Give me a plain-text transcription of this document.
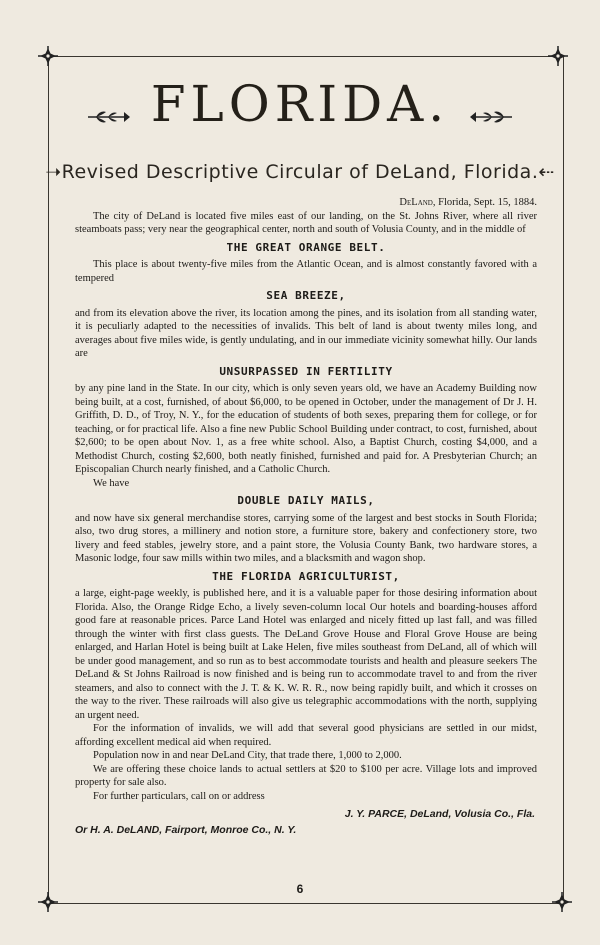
FLORIDA.
➝Revised Descriptive Circular of DeLand, Florida.⇠

DeLand, Florida, Sept. 15, 1884.

The city of DeLand is located five miles east of our landing, on the St. Johns River, where all river steamboats pass; very near the geographical center, north and south of Volusia County, and in the middle of

THE GREAT ORANGE BELT.

This place is about twenty-five miles from the Atlantic Ocean, and is almost constantly favored with a tempered

SEA BREEZE,

and from its elevation above the river, its location among the pines, and its isolation from all standing water, it is peculiarly adapted to the necessities of invalids. This belt of land is about twenty miles long, and averages about five miles wide, is gently undulating, and in our immediate vicinity somewhat hilly. Our lands are

UNSURPASSED IN FERTILITY

by any pine land in the State. In our city, which is only seven years old, we have an Academy Building now being built, at a cost, furnished, of about $6,000, to be opened in October, under the management of Dr J. H. Griffith, D. D., of Troy, N. Y., for the education of students of both sexes, preparing them for college, or for teaching, or for practical life. Also a fine new Public School Building under contract, to cost, furnished, about $2,600; to be open about Nov. 1, as a free white school. Also, a Baptist Church, costing $4,000, and a Methodist Church, costing $2,600, both neatly finished, furnished and paid for. A Presbyterian Church; an Episcopalian Church nearly finished, and a Catholic Church.

We have

DOUBLE DAILY MAILS,

and now have six general merchandise stores, carrying some of the largest and best stocks in South Florida; also, two drug stores, a millinery and notion store, a furniture store, bakery and confectionery store, two livery and feed stables, jewelry store, and a paint store, the Volusia County Bank, two hardware stores, a Masonic lodge, four saw mills within two miles, and a blacksmith and wagon shop.

THE FLORIDA AGRICULTURIST,

a large, eight-page weekly, is published here, and it is a valuable paper for those desiring information about Florida. Also, the Orange Ridge Echo, a lively seven-column local Our hotels and boarding-houses afford good fare at reasonable prices. Parce Land Hotel was enlarged and nicely fitted up last fall, and was filled through the winter with first class guests. The DeLand Grove House and Floral Grove House are being enlarged, and Harlan Hotel is being built at Lake Helen, five miles southeast from DeLand, all of which will be under good management, and so run as to best accommodate tourists and health and pleasure seekers The DeLand & St Johns Railroad is now finished and is being run to accommodate travel to and from the river steamers, and also to connect with the J. T. & K. W. R. R., now being rapidly built, and which it crosses on the way to the river. These railroads will also give us telegraphic accommodations with the north, supplying an urgent need.

For the information of invalids, we will add that several good physicians are settled in our midst, affording excellent medical aid when required.

Population now in and near DeLand City, that trade there, 1,000 to 2,000.

We are offering these choice lands to actual settlers at $20 to $100 per acre. Village lots and improved property for sale also.

For further particulars, call on or address

J. Y. PARCE, DeLand, Volusia Co., Fla.

Or H. A. DeLAND, Fairport, Monroe Co., N. Y.

6
